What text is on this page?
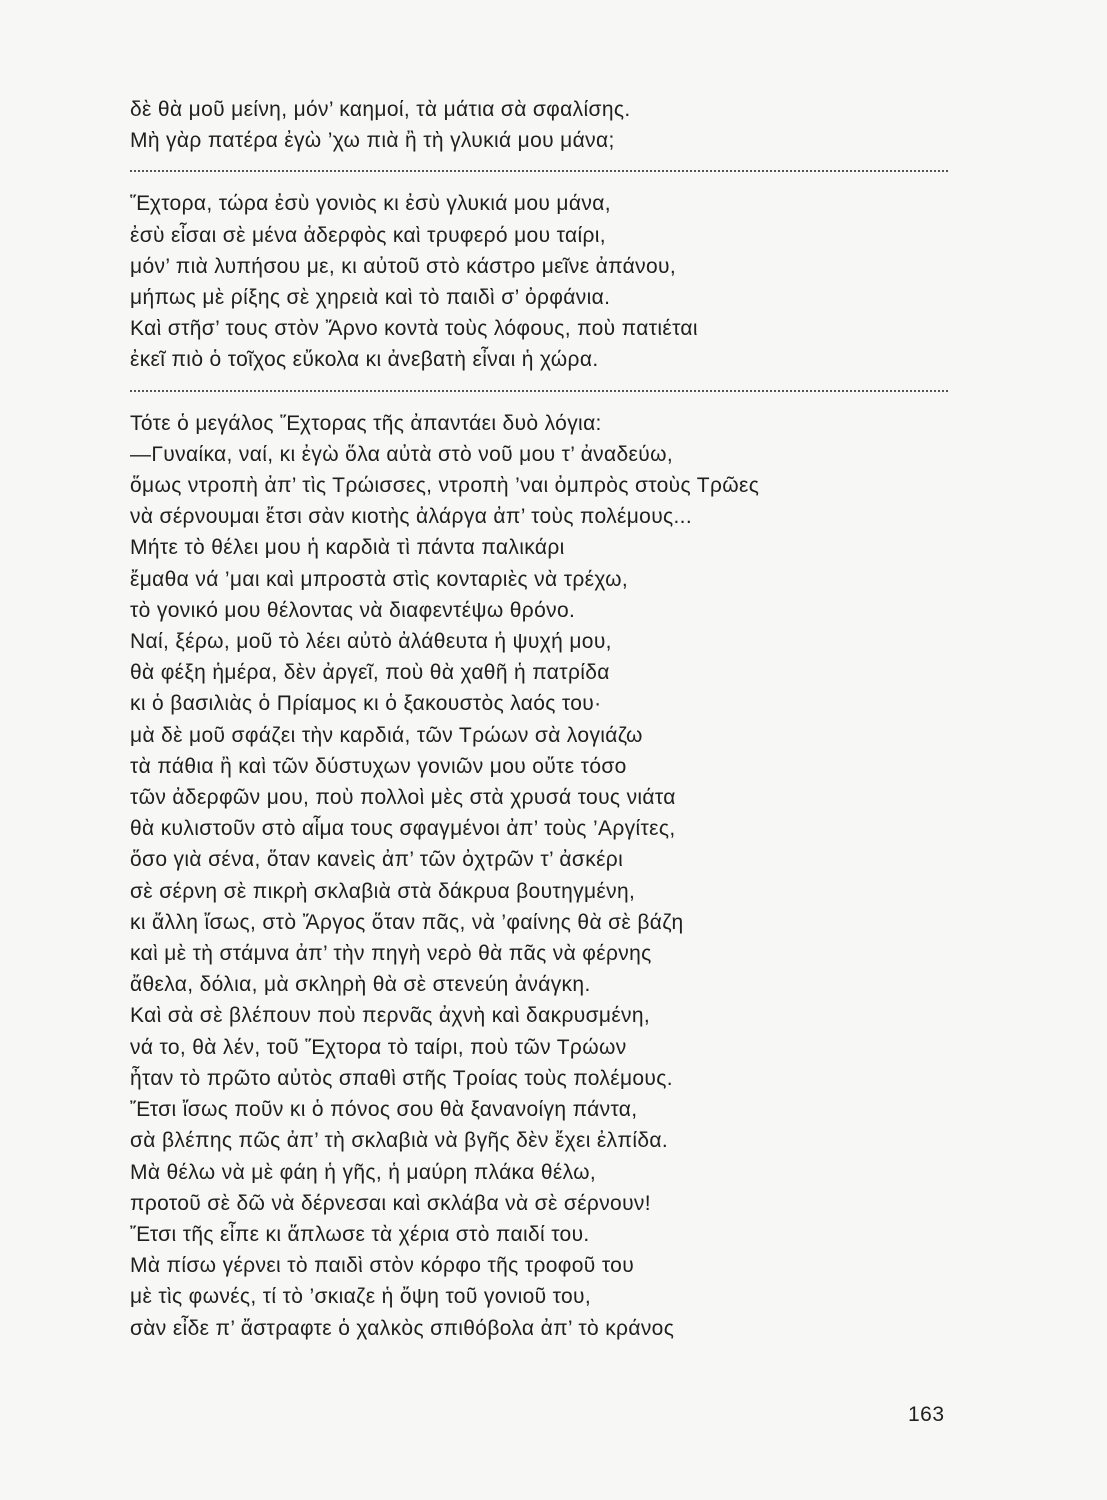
δὲ θὰ μοῦ μείνη, μόν’ καημοί, τὰ μάτια σὰ σφαλίσης.
Μὴ γὰρ πατέρα ἐγὼ ’χω πιὰ ἢ τὴ γλυκιά μου μάνα;
Ἕχτορα, τώρα ἐσὺ γονιὸς κι ἐσὺ γλυκιά μου μάνα,
ἐσὺ εἶσαι σὲ μένα ἀδερφὸς καὶ τρυφερό μου ταίρι,
μόν’ πιὰ λυπήσου με, κι αὐτοῦ στὸ κάστρο μεῖνε ἀπάνου,
μήπως μὲ ρίξης σὲ χηρειὰ καὶ τὸ παιδὶ σ’ ὀρφάνια.
Καὶ στῆσ’ τους στὸν Ἄρνο κοντὰ τοὺς λόφους, ποὺ πατιέται
ἐκεῖ πιὸ ὁ τοῖχος εὔκολα κι ἀνεβατὴ εἶναι ἡ χώρα.
Τότε ὁ μεγάλος Ἕχτορας τῆς ἀπαντάει δυὸ λόγια:
—Γυναίκα, ναί, κι ἐγὼ ὅλα αὐτὰ στὸ νοῦ μου τ’ ἀναδεύω,
ὅμως ντροπὴ ἀπ’ τὶς Τρώισσες, ντροπὴ ’ναι ὀμπρὸς στοὺς Τρῶες
νὰ σέρνουμαι ἔτσι σὰν κιοτὴς ἀλάργα ἀπ’ τοὺς πολέμους...
Μήτε τὸ θέλει μου ἡ καρδιὰ τὶ πάντα παλικάρι
ἔμαθα νά ’μαι καὶ μπροστὰ στὶς κονταριὲς νὰ τρέχω,
τὸ γονικό μου θέλοντας νὰ διαφεντέψω θρόνο.
Ναί, ξέρω, μοῦ τὸ λέει αὐτὸ ἀλάθευτα ἡ ψυχή μου,
θὰ φέξη ἡμέρα, δὲν ἀργεῖ, ποὺ θὰ χαθῆ ἡ πατρίδα
κι ὁ βασιλιὰς ὁ Πρίαμος κι ὁ ξακουστὸς λαός του·
μὰ δὲ μοῦ σφάζει τὴν καρδιά, τῶν Τρώων σὰ λογιάζω
τὰ πάθια ἢ καὶ τῶν δύστυχων γονιῶν μου οὔτε τόσο
τῶν ἀδερφῶν μου, ποὺ πολλοὶ μὲς στὰ χρυσά τους νιάτα
θὰ κυλιστοῦν στὸ αἷμα τους σφαγμένοι ἀπ’ τοὺς ’Αργίτες,
ὅσο γιὰ σένα, ὅταν κανεὶς ἀπ’ τῶν ὀχτρῶν τ’ ἀσκέρι
σὲ σέρνη σὲ πικρὴ σκλαβιὰ στὰ δάκρυα βουτηγμένη,
κι ἄλλη ἴσως, στὸ Ἄργος ὅταν πᾶς, νὰ ’φαίνης θὰ σὲ βάζη
καὶ μὲ τὴ στάμνα ἀπ’ τὴν πηγὴ νερὸ θὰ πᾶς νὰ φέρνης
ἄθελα, δόλια, μὰ σκληρὴ θὰ σὲ στενεύη ἀνάγκη.
Καὶ σὰ σὲ βλέπουν ποὺ περνᾶς ἀχνὴ καὶ δακρυσμένη,
νά το, θὰ λέν, τοῦ Ἕχτορα τὸ ταίρι, ποὺ τῶν Τρώων
ἦταν τὸ πρῶτο αὐτὸς σπαθὶ στῆς Τροίας τοὺς πολέμους.
Ἔτσι ἴσως ποῦν κι ὁ πόνος σου θὰ ξανανοίγη πάντα,
σὰ βλέπης πῶς ἀπ’ τὴ σκλαβιὰ νὰ βγῆς δὲν ἔχει ἐλπίδα.
Μὰ θέλω νὰ μὲ φάη ἡ γῆς, ἡ μαύρη πλάκα θέλω,
προτοῦ σὲ δῶ νὰ δέρνεσαι καὶ σκλάβα νὰ σὲ σέρνουν!
Ἔτσι τῆς εἶπε κι ἅπλωσε τὰ χέρια στὸ παιδί του.
Μὰ πίσω γέρνει τὸ παιδὶ στὸν κόρφο τῆς τροφοῦ του
μὲ τὶς φωνές, τί τὸ ’σκιαζε ἡ ὄψη τοῦ γονιοῦ του,
σὰν εἶδε π’ ἄστραφτε ὁ χαλκὸς σπιθόβολα ἀπ’ τὸ κράνος
163
